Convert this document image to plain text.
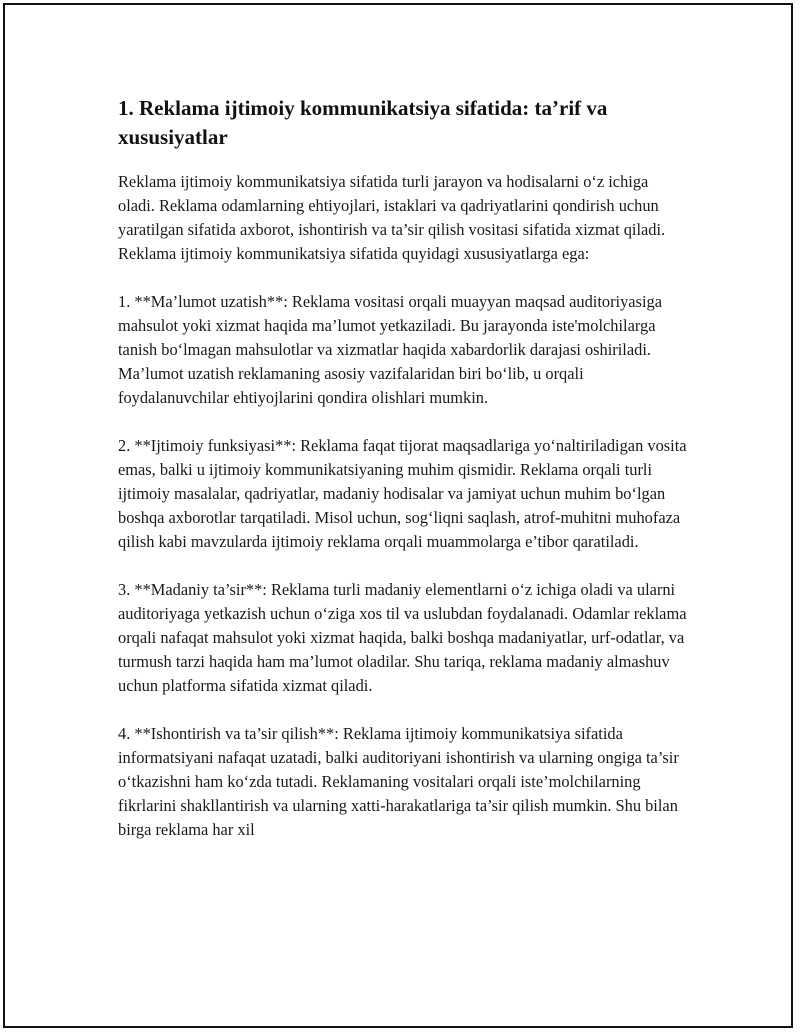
1. Reklama ijtimoiy kommunikatsiya sifatida: ta’rif va xususiyatlar

Reklama ijtimoiy kommunikatsiya sifatida turli jarayon va hodisalarni o‘z ichiga oladi. Reklama odamlarning ehtiyojlari, istaklari va qadriyatlarini qondirish uchun yaratilgan sifatida axborot, ishontirish va ta’sir qilish vositasi sifatida xizmat qiladi. Reklama ijtimoiy kommunikatsiya sifatida quyidagi xususiyatlarga ega:

1. **Ma’lumot uzatish**: Reklama vositasi orqali muayyan maqsad auditoriyasiga mahsulot yoki xizmat haqida ma’lumot yetkaziladi. Bu jarayonda iste'molchilarga tanish bo‘lmagan mahsulotlar va xizmatlar haqida xabardorlik darajasi oshiriladi. Ma’lumot uzatish reklamaning asosiy vazifalaridan biri bo‘lib, u orqali foydalanuvchilar ehtiyojlarini qondira olishlari mumkin.

2. **Ijtimoiy funksiyasi**: Reklama faqat tijorat maqsadlariga yo‘naltiriladigan vosita emas, balki u ijtimoiy kommunikatsiyaning muhim qismidir. Reklama orqali turli ijtimoiy masalalar, qadriyatlar, madaniy hodisalar va jamiyat uchun muhim bo‘lgan boshqa axborotlar tarqatiladi. Misol uchun, sog‘liqni saqlash, atrof-muhitni muhofaza qilish kabi mavzularda ijtimoiy reklama orqali muammolarga e’tibor qaratiladi.

3. **Madaniy ta’sir**: Reklama turli madaniy elementlarni o‘z ichiga oladi va ularni auditoriyaga yetkazish uchun o‘ziga xos til va uslubdan foydalanadi. Odamlar reklama orqali nafaqat mahsulot yoki xizmat haqida, balki boshqa madaniyatlar, urf-odatlar, va turmush tarzi haqida ham ma’lumot oladilar. Shu tariqa, reklama madaniy almashuv uchun platforma sifatida xizmat qiladi.

4. **Ishontirish va ta’sir qilish**: Reklama ijtimoiy kommunikatsiya sifatida informatsiyani nafaqat uzatadi, balki auditoriyani ishontirish va ularning ongiga ta’sir o‘tkazishni ham ko‘zda tutadi. Reklamaning vositalari orqali iste’molchilarning fikrlarini shakllantirish va ularning xatti-harakatlariga ta’sir qilish mumkin. Shu bilan birga reklama har xil
